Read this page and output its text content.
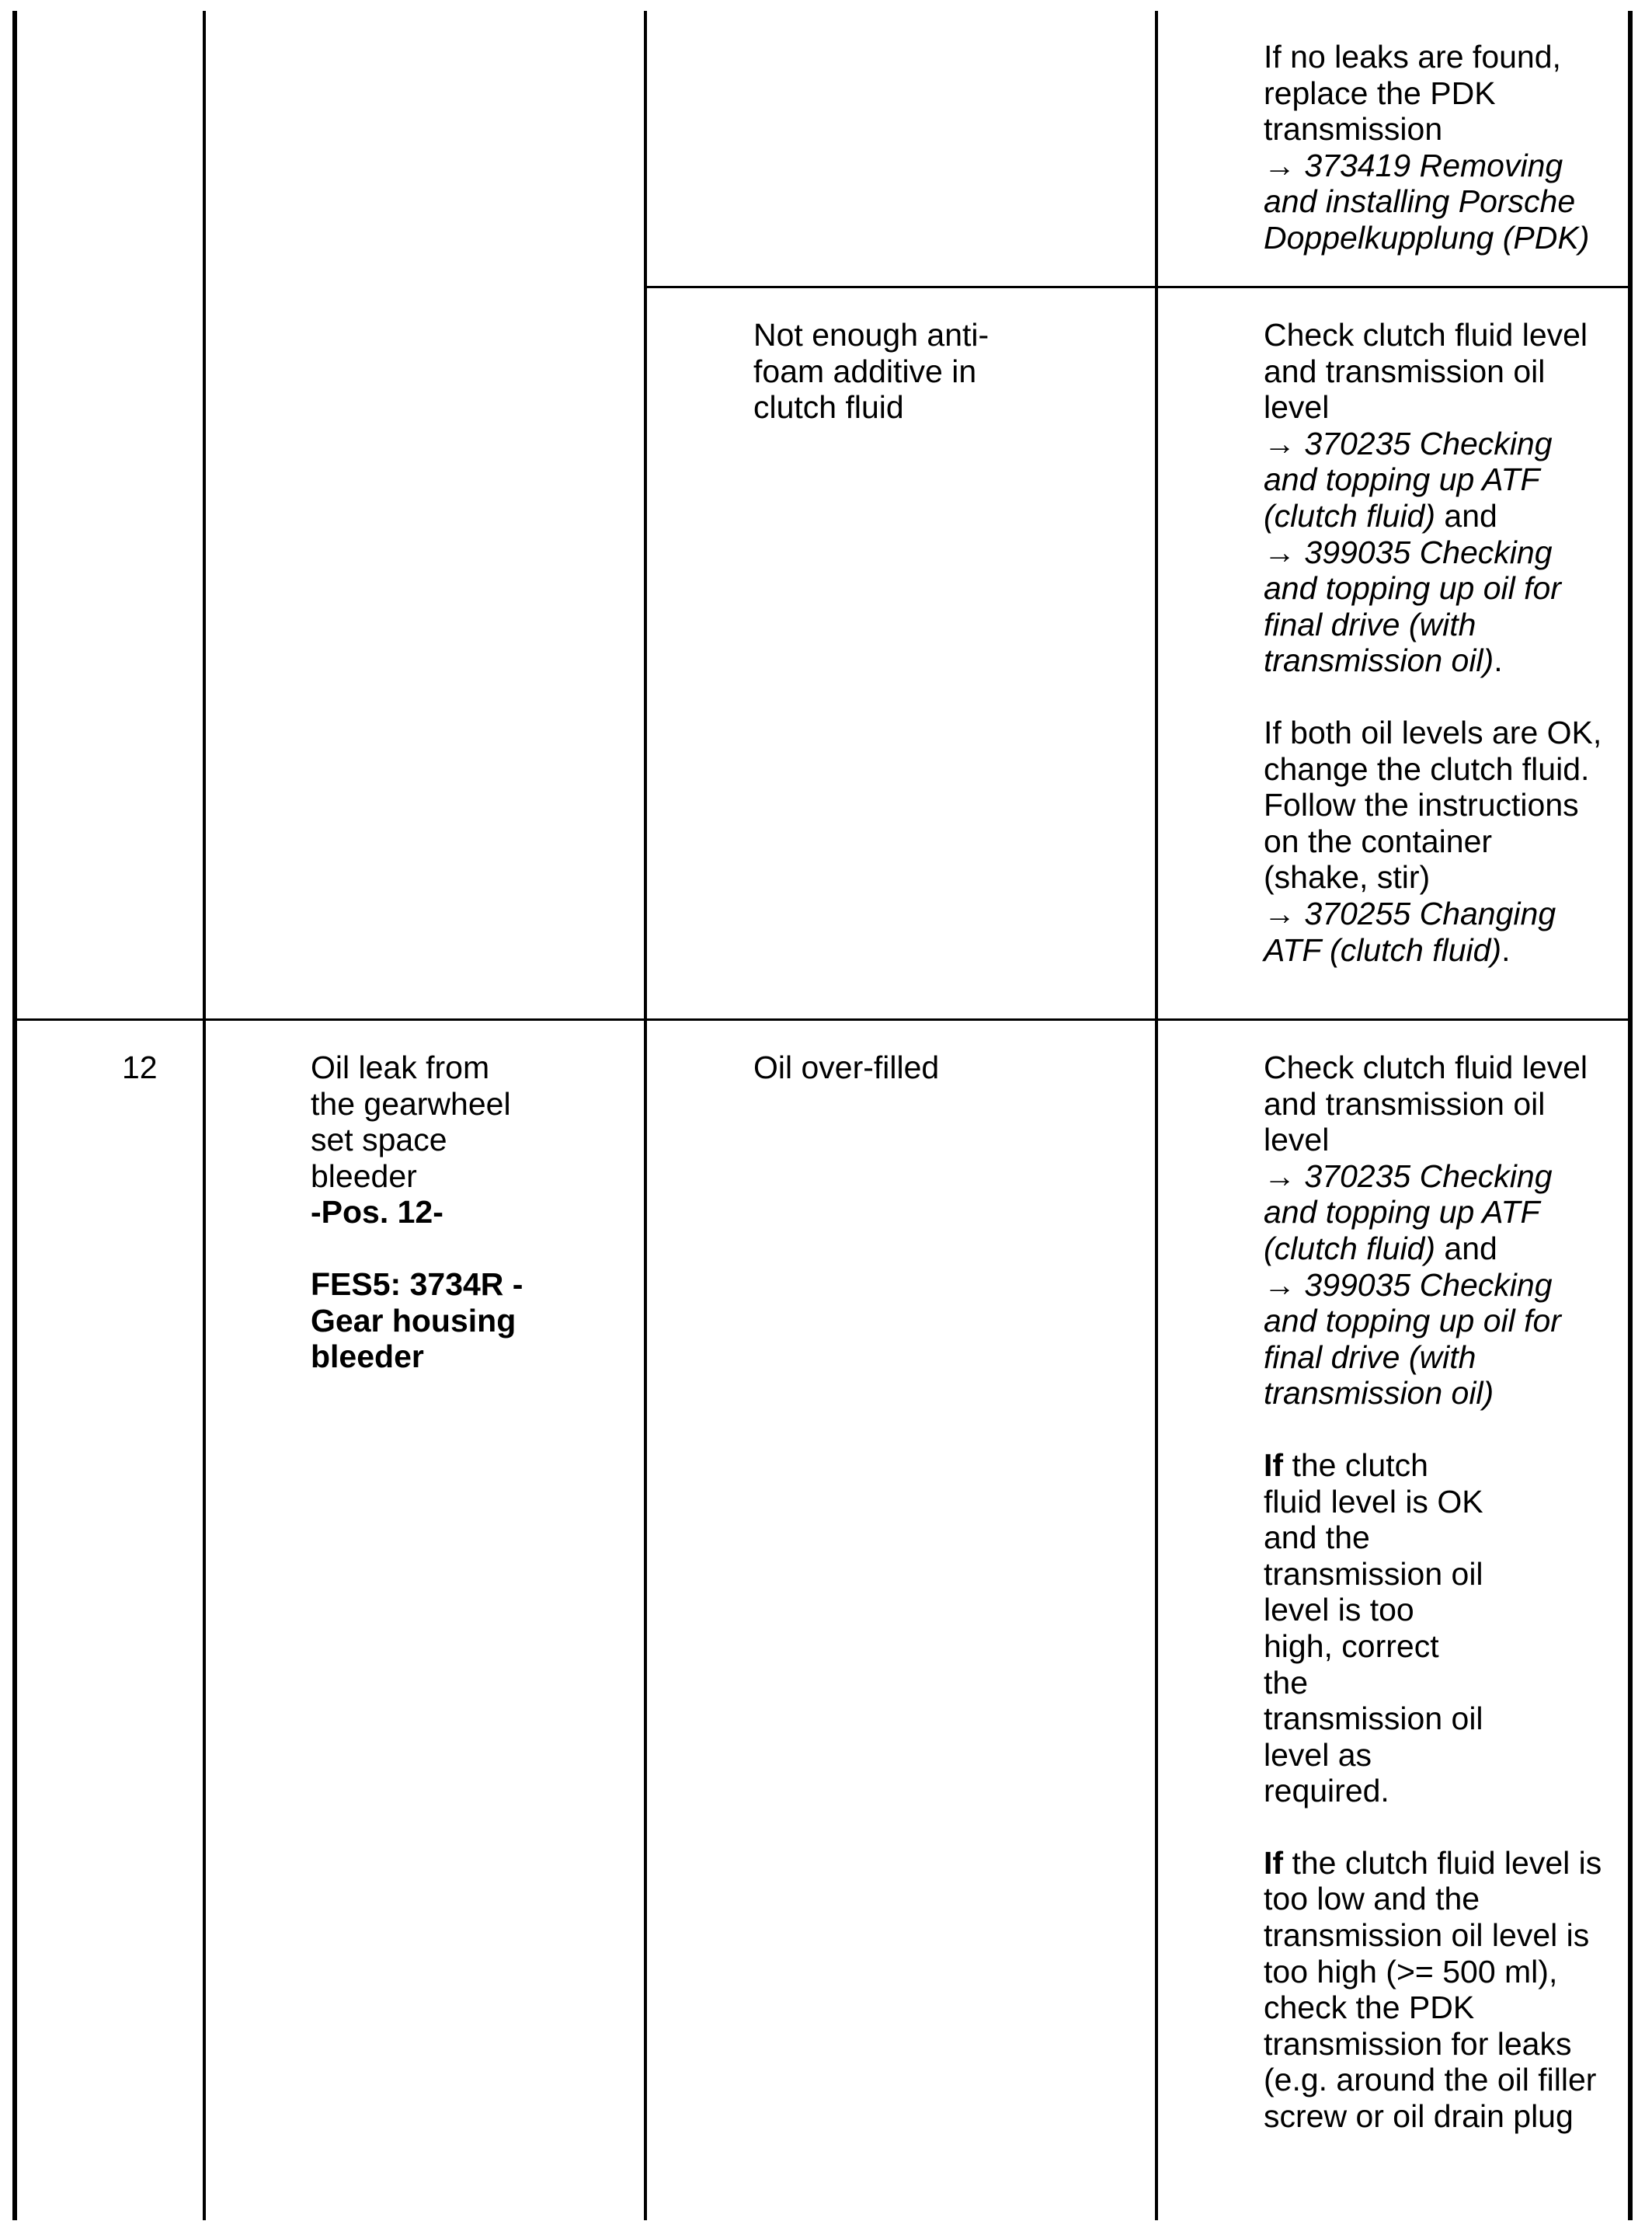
If no leaks are found,
replace the PDK
transmission

→ 373419 Removing
and installing Porsche
Doppelkupplung (PDK)

Not enough anti-
foam additive in
clutch fluid

Check clutch fluid level
and transmission oil
level

→ 370235 Checking
and topping up ATF
(clutch fluid) and

→ 399035 Checking
and topping up oil for
final drive (with
transmission oil).

If both oil levels are OK,
change the clutch fluid.
Follow the instructions
on the container
(shake, stir)

→ 370255 Changing
ATF (clutch fluid).

12	Oil leak from
the gearwheel
set space
bleeder

-Pos. 12-

FES5: 3734R -
Gear housing
bleeder

Oil over-filled	Check clutch fluid level
and transmission oil
level

→ 370235 Checking
and topping up ATF
(clutch fluid) and

→ 399035 Checking
and topping up oil for
final drive (with
transmission oil)

If the clutch
fluid level is OK
and the
transmission oil
level is too
high, correct
the
transmission oil
level as
required.

If the clutch fluid level is
too low and the
transmission oil level is
too high (>= 500 ml),
check the PDK
transmission for leaks
(e.g. around the oil filler
screw or oil drain plug
